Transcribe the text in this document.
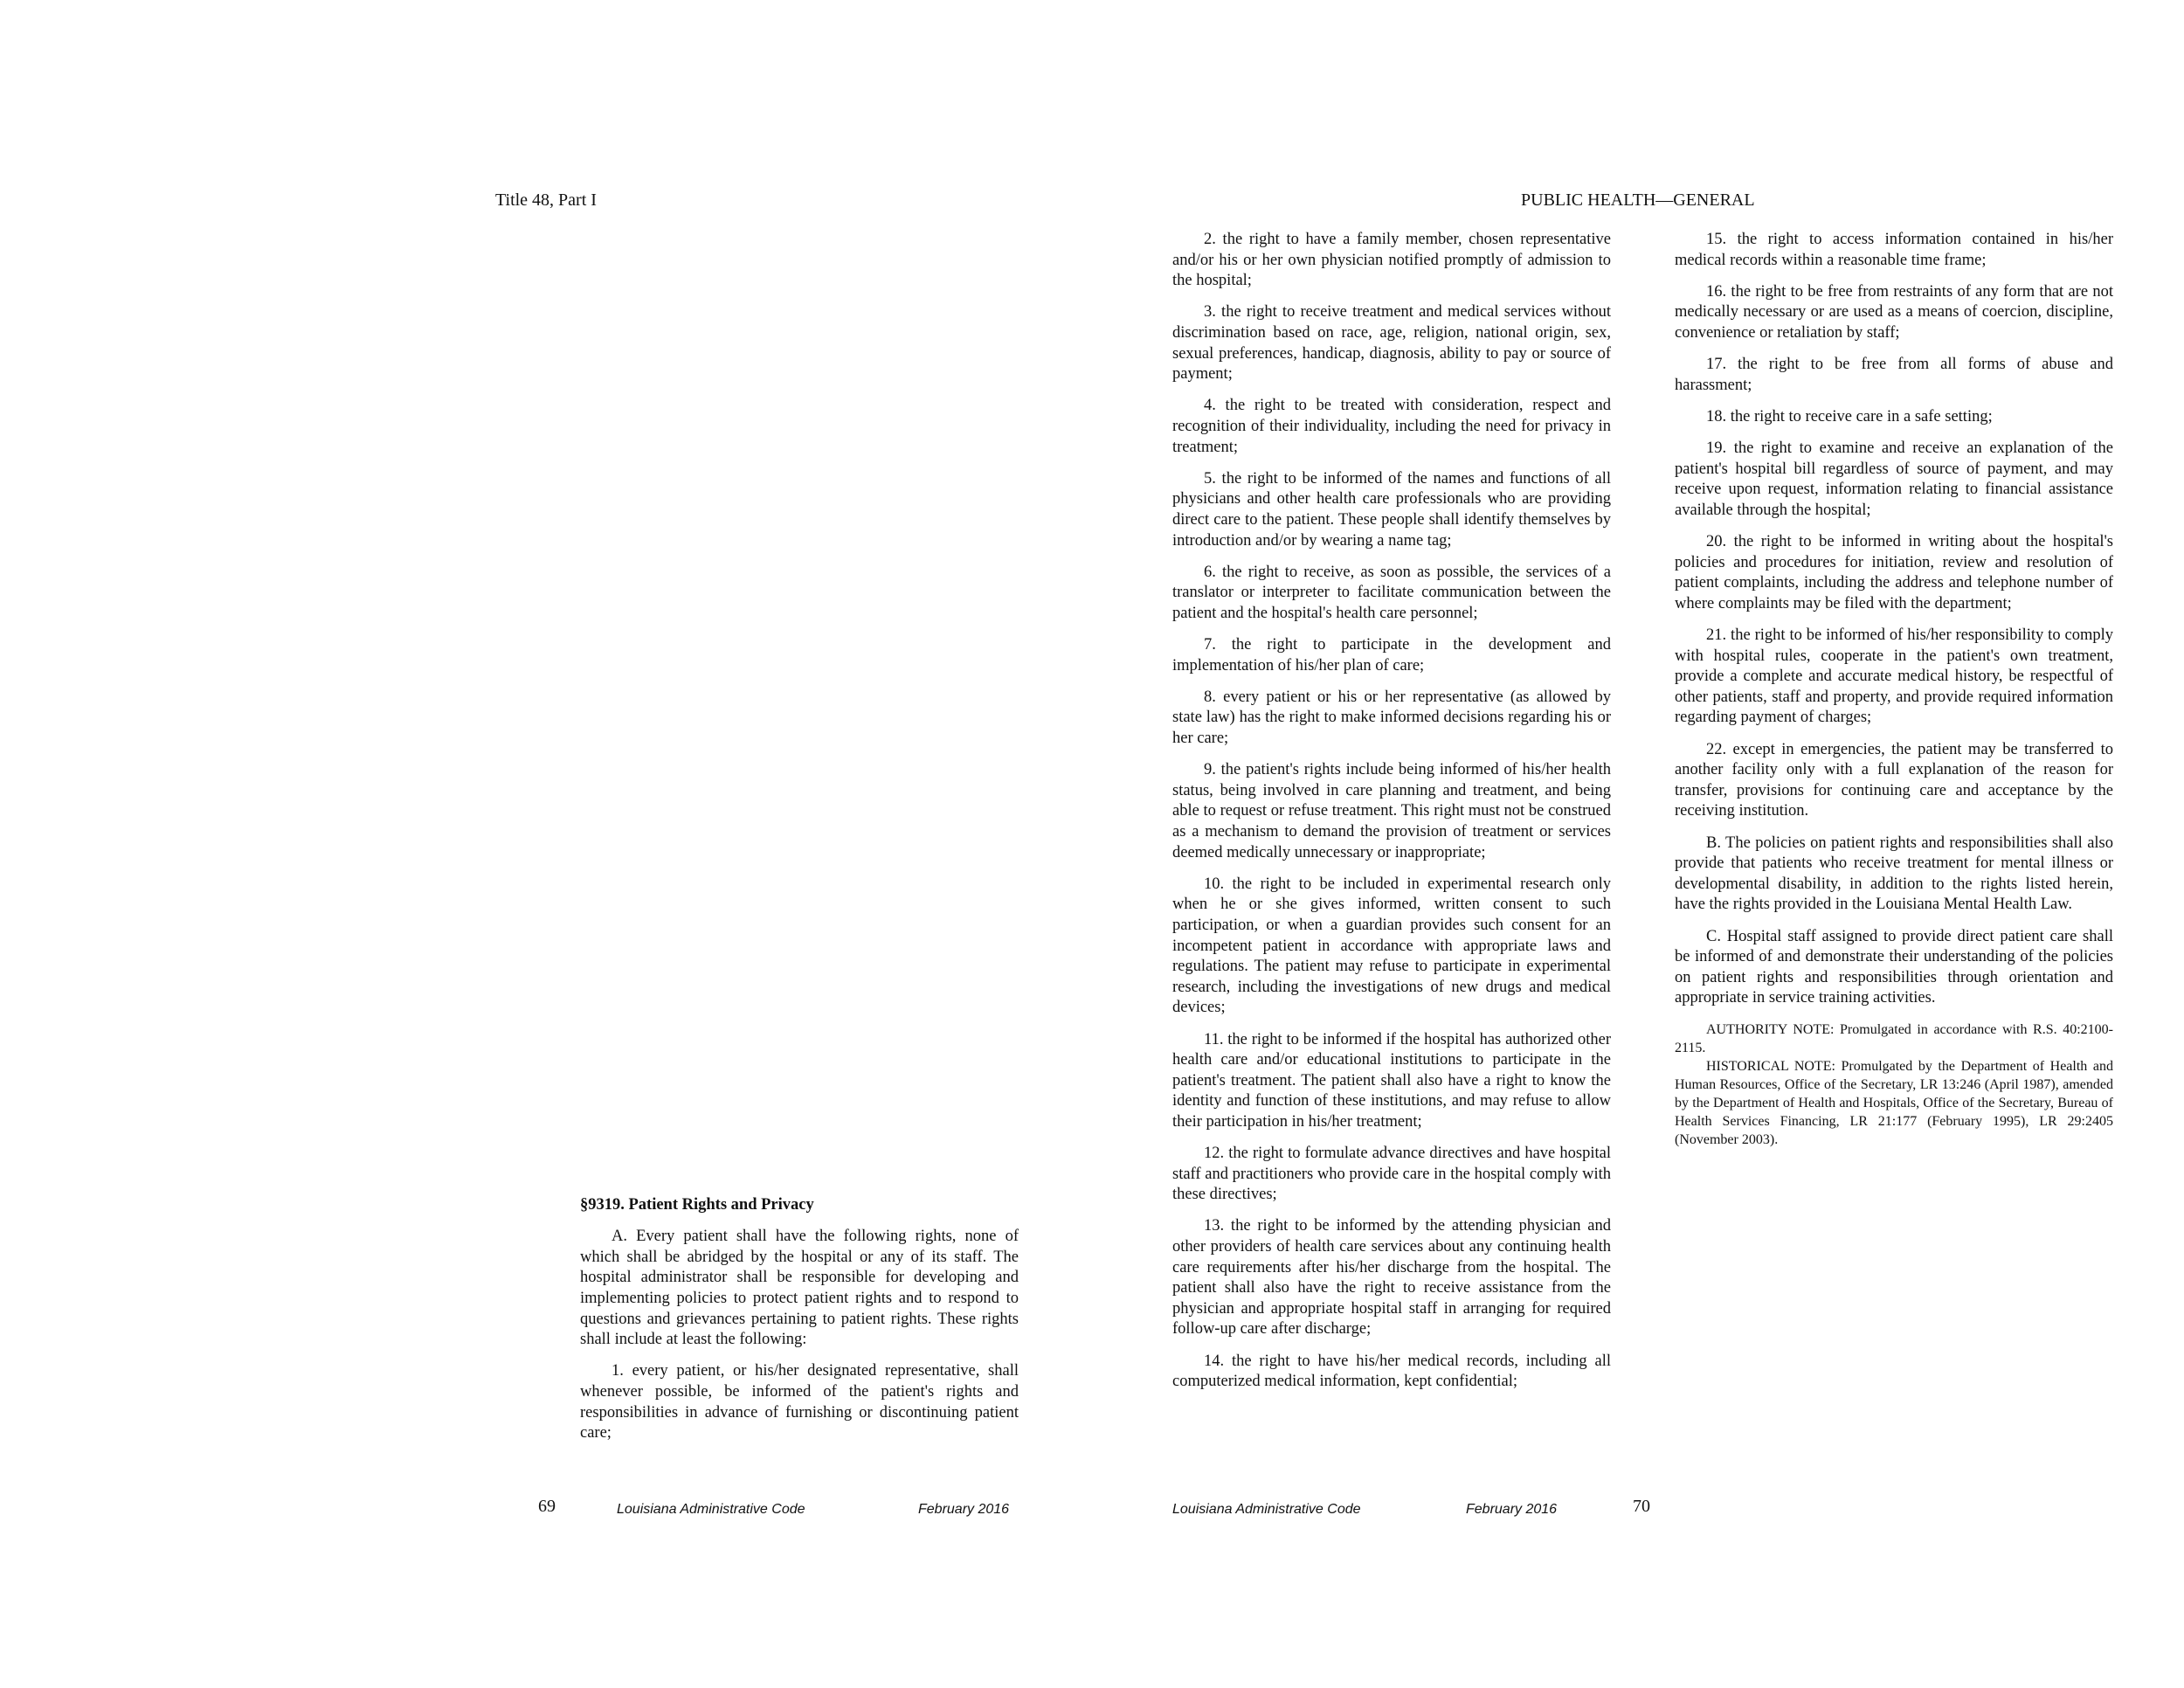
Title 48, Part I	PUBLIC HEALTH—GENERAL

§9319. Patient Rights and Privacy

A. Every patient shall have the following rights, none of which shall be abridged by the hospital or any of its staff. The hospital administrator shall be responsible for developing and implementing policies to protect patient rights and to respond to questions and grievances pertaining to patient rights. These rights shall include at least the following:

1. every patient, or his/her designated representative, shall whenever possible, be informed of the patient's rights and responsibilities in advance of furnishing or discontinuing patient care;

2. the right to have a family member, chosen representative and/or his or her own physician notified promptly of admission to the hospital;

3. the right to receive treatment and medical services without discrimination based on race, age, religion, national origin, sex, sexual preferences, handicap, diagnosis, ability to pay or source of payment;

4. the right to be treated with consideration, respect and recognition of their individuality, including the need for privacy in treatment;

5. the right to be informed of the names and functions of all physicians and other health care professionals who are providing direct care to the patient. These people shall identify themselves by introduction and/or by wearing a name tag;

6. the right to receive, as soon as possible, the services of a translator or interpreter to facilitate communication between the patient and the hospital's health care personnel;

7. the right to participate in the development and implementation of his/her plan of care;

8. every patient or his or her representative (as allowed by state law) has the right to make informed decisions regarding his or her care;

9. the patient's rights include being informed of his/her health status, being involved in care planning and treatment, and being able to request or refuse treatment. This right must not be construed as a mechanism to demand the provision of treatment or services deemed medically unnecessary or inappropriate;

10. the right to be included in experimental research only when he or she gives informed, written consent to such participation, or when a guardian provides such consent for an incompetent patient in accordance with appropriate laws and regulations. The patient may refuse to participate in experimental research, including the investigations of new drugs and medical devices;

11. the right to be informed if the hospital has authorized other health care and/or educational institutions to participate in the patient's treatment. The patient shall also have a right to know the identity and function of these institutions, and may refuse to allow their participation in his/her treatment;

12. the right to formulate advance directives and have hospital staff and practitioners who provide care in the hospital comply with these directives;

13. the right to be informed by the attending physician and other providers of health care services about any continuing health care requirements after his/her discharge from the hospital. The patient shall also have the right to receive assistance from the physician and appropriate hospital staff in arranging for required follow-up care after discharge;

14. the right to have his/her medical records, including all computerized medical information, kept confidential;

15. the right to access information contained in his/her medical records within a reasonable time frame;

16. the right to be free from restraints of any form that are not medically necessary or are used as a means of coercion, discipline, convenience or retaliation by staff;

17. the right to be free from all forms of abuse and harassment;

18. the right to receive care in a safe setting;

19. the right to examine and receive an explanation of the patient's hospital bill regardless of source of payment, and may receive upon request, information relating to financial assistance available through the hospital;

20. the right to be informed in writing about the hospital's policies and procedures for initiation, review and resolution of patient complaints, including the address and telephone number of where complaints may be filed with the department;

21. the right to be informed of his/her responsibility to comply with hospital rules, cooperate in the patient's own treatment, provide a complete and accurate medical history, be respectful of other patients, staff and property, and provide required information regarding payment of charges;

22. except in emergencies, the patient may be transferred to another facility only with a full explanation of the reason for transfer, provisions for continuing care and acceptance by the receiving institution.

B. The policies on patient rights and responsibilities shall also provide that patients who receive treatment for mental illness or developmental disability, in addition to the rights listed herein, have the rights provided in the Louisiana Mental Health Law.

C. Hospital staff assigned to provide direct patient care shall be informed of and demonstrate their understanding of the policies on patient rights and responsibilities through orientation and appropriate in service training activities.

AUTHORITY NOTE: Promulgated in accordance with R.S. 40:2100-2115.

HISTORICAL NOTE: Promulgated by the Department of Health and Human Resources, Office of the Secretary, LR 13:246 (April 1987), amended by the Department of Health and Hospitals, Office of the Secretary, Bureau of Health Services Financing, LR 21:177 (February 1995), LR 29:2405 (November 2003).

69	Louisiana Administrative Code	February 2016	Louisiana Administrative Code	February 2016	70
